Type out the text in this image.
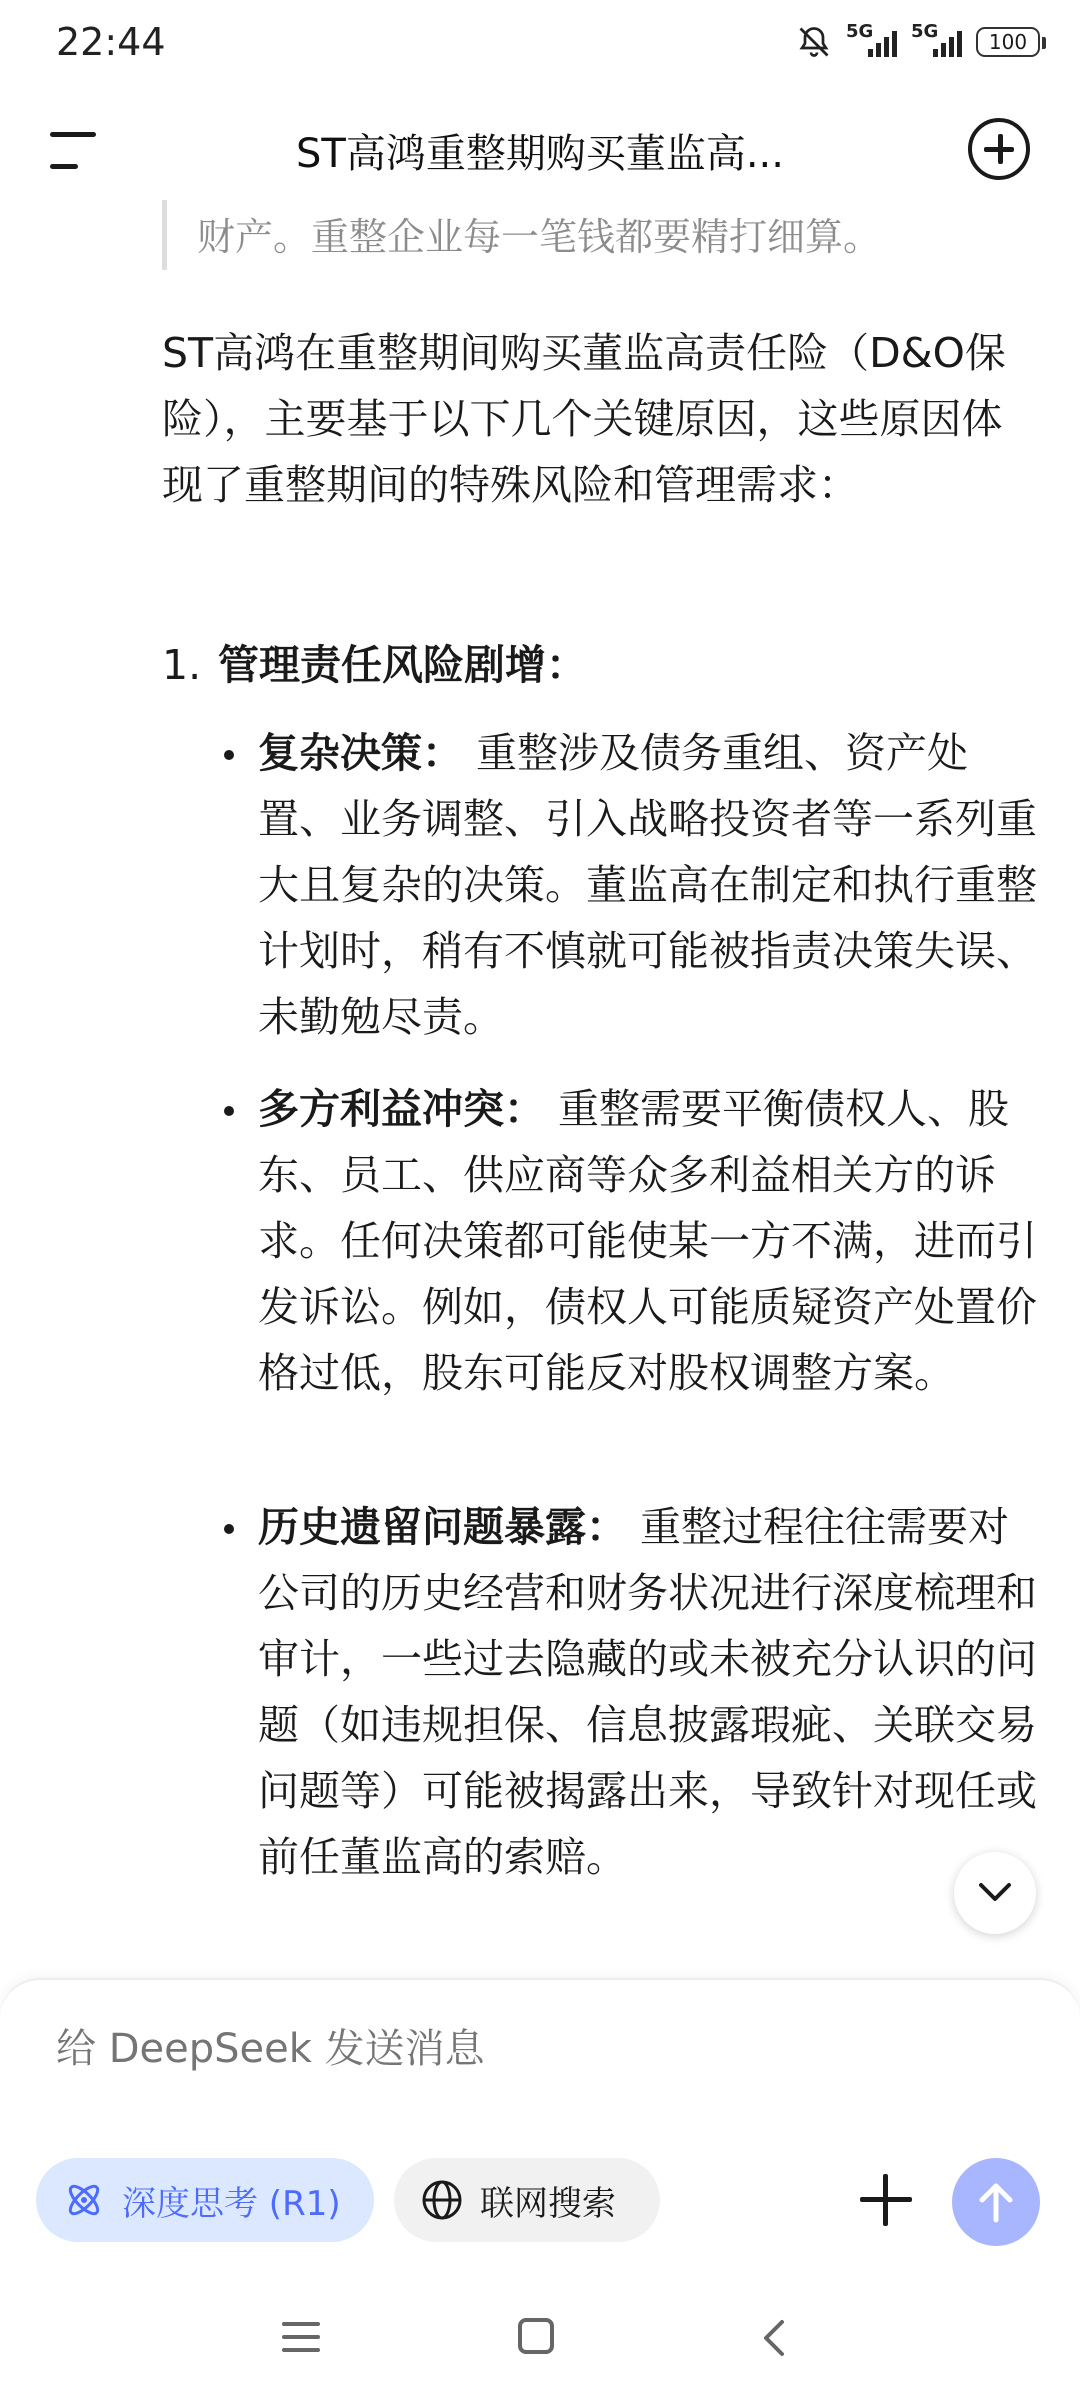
22:44	5G 5G	100
ST高鸿重整期购买董监高...
财产。重整企业每一笔钱都要精打细算。
ST高鸿在重整期间购买董监高责任险（D&O保险），主要基于以下几个关键原因，这些原因体现了重整期间的特殊风险和管理需求：
1. 管理责任风险剧增：
复杂决策： 重整涉及债务重组、资产处置、业务调整、引入战略投资者等一系列重大且复杂的决策。董监高在制定和执行重整计划时，稍有不慎就可能被指责决策失误、未勤勉尽责。
多方利益冲突： 重整需要平衡债权人、股东、员工、供应商等众多利益相关方的诉求。任何决策都可能使某一方不满，进而引发诉讼。例如，债权人可能质疑资产处置价格过低，股东可能反对股权调整方案。
历史遗留问题暴露： 重整过程往往需要对公司的历史经营和财务状况进行深度梳理和审计，一些过去隐藏的或未被充分认识的问题（如违规担保、信息披露瑕疵、关联交易问题等）可能被揭露出来，导致针对现任或前任董监高的索赔。
给 DeepSeek 发送消息
深度思考 (R1)	联网搜索
